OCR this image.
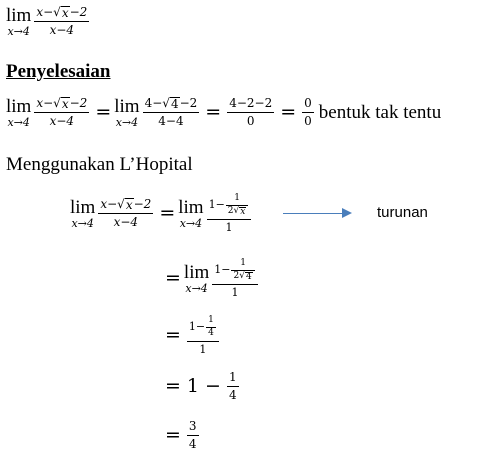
lim
$x\to 4 \frac{x- √ x -2}{x-4}$
Penyelesaian
lim
$x\to 4 \frac{x- √ x -2}{x-4} = \lim$
$x\to 4 \frac{4- √ 4 -2}{4-4} = \frac{4-2-2}{0} = \frac{0}{0}$ bentuk tak tentu
Menggunakan L’Hopital
lim
$x\to 4 \frac{x- √ x -2}{x-4} = \lim$
$x\to 4 \frac{1- \frac{1}{2 √ x}}{1}$	turunan
= lim
$x\to 4 \frac{1- \frac{1}{2 √ 4}}{1}$
= $\frac{1- \frac{1}{4}}{1}$
= $1 - \frac{1}{4}$
= $\frac{3}{4}$
